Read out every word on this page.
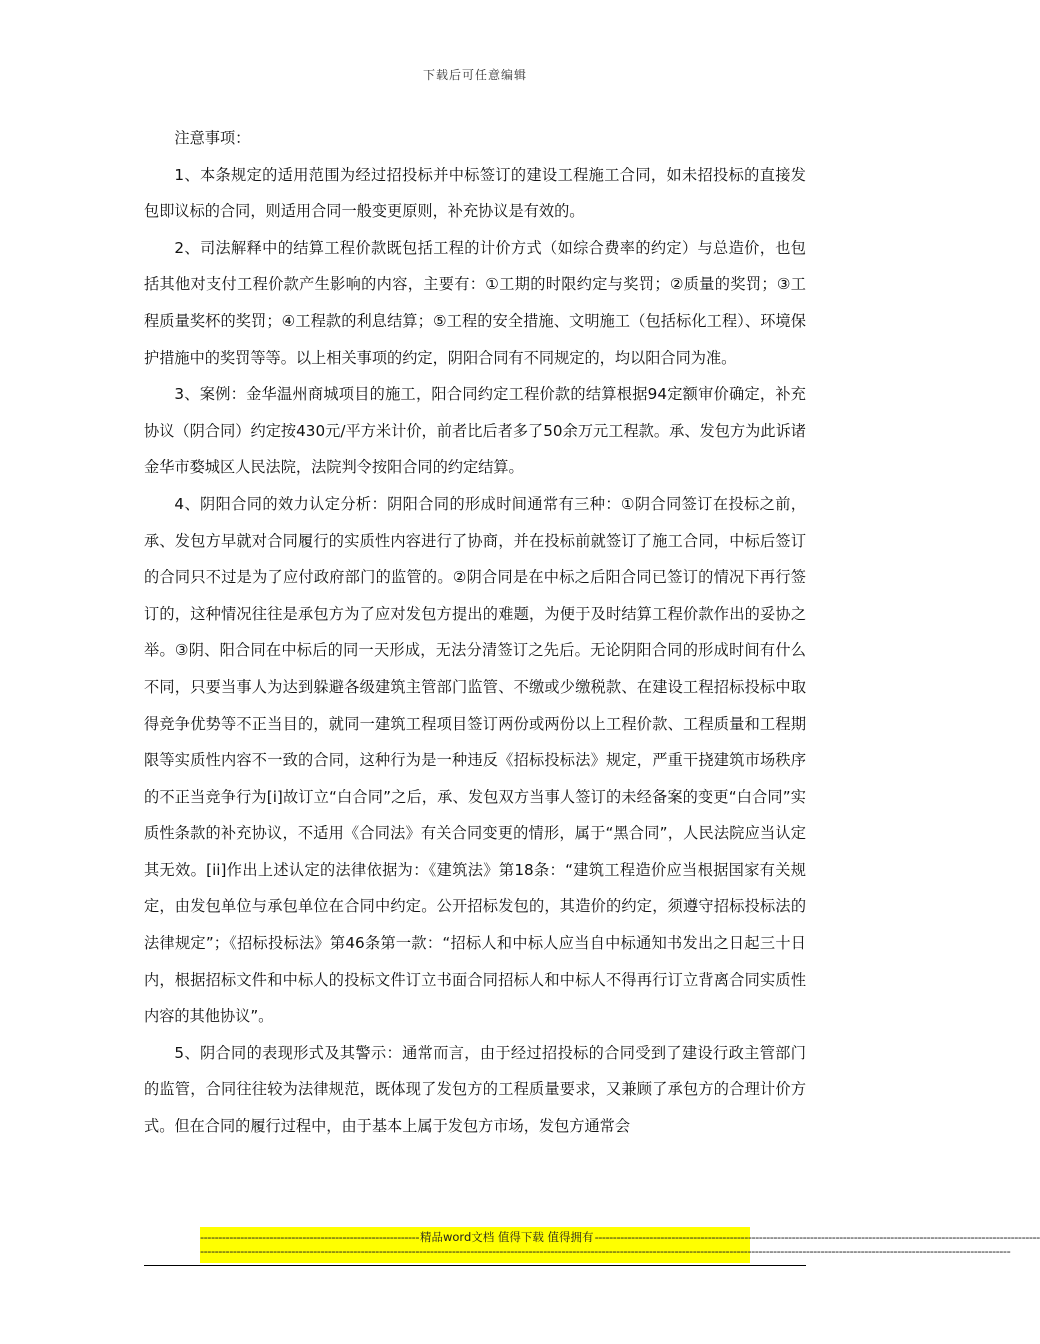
下载后可任意编辑

注意事项：

1、本条规定的适用范围为经过招投标并中标签订的建设工程施工合同，如未招投标的直接发包即议标的合同，则适用合同一般变更原则，补充协议是有效的。

2、司法解释中的结算工程价款既包括工程的计价方式（如综合费率的约定）与总造价，也包括其他对支付工程价款产生影响的内容，主要有：①工期的时限约定与奖罚；②质量的奖罚；③工程质量奖杯的奖罚；④工程款的利息结算；⑤工程的安全措施、文明施工（包括标化工程）、环境保护措施中的奖罚等等。以上相关事项的约定，阴阳合同有不同规定的，均以阳合同为准。

3、案例：金华温州商城项目的施工，阳合同约定工程价款的结算根据94定额审价确定，补充协议（阴合同）约定按430元/平方米计价，前者比后者多了50余万元工程款。承、发包方为此诉诸金华市婺城区人民法院，法院判令按阳合同的约定结算。

4、阴阳合同的效力认定分析：阴阳合同的形成时间通常有三种：①阴合同签订在投标之前，承、发包方早就对合同履行的实质性内容进行了协商，并在投标前就签订了施工合同，中标后签订的合同只不过是为了应付政府部门的监管的。②阴合同是在中标之后阳合同已签订的情况下再行签订的，这种情况往往是承包方为了应对发包方提出的难题，为便于及时结算工程价款作出的妥协之举。③阴、阳合同在中标后的同一天形成，无法分清签订之先后。无论阴阳合同的形成时间有什么不同，只要当事人为达到躲避各级建筑主管部门监管、不缴或少缴税款、在建设工程招标投标中取得竞争优势等不正当目的，就同一建筑工程项目签订两份或两份以上工程价款、工程质量和工程期限等实质性内容不一致的合同，这种行为是一种违反《招标投标法》规定，严重干挠建筑市场秩序的不正当竞争行为[i]故订立“白合同”之后，承、发包双方当事人签订的未经备案的变更“白合同”实质性条款的补充协议，不适用《合同法》有关合同变更的情形，属于“黑合同”，人民法院应当认定其无效。[ii]作出上述认定的法律依据为：《建筑法》第18条：“建筑工程造价应当根据国家有关规定，由发包单位与承包单位在合同中约定。公开招标发包的，其造价的约定，须遵守招标投标法的法律规定”；《招标投标法》第46条第一款：“招标人和中标人应当自中标通知书发出之日起三十日内，根据招标文件和中标人的投标文件订立书面合同招标人和中标人不得再行订立背离合同实质性内容的其他协议”。

5、阴合同的表现形式及其警示：通常而言，由于经过招投标的合同受到了建设行政主管部门的监管，合同往往较为法律规范，既体现了发包方的工程质量要求，又兼顾了承包方的合理计价方式。但在合同的履行过程中，由于基本上属于发包方市场，发包方通常会

------------------------------------------------------------ 精品word文档 值得下载 值得拥有 --------------------------------------------------------------------------------------------------------------------------
------------------------------------------------------------------------------------------------------------------------------------------------------------------------------------------------------------------------------
